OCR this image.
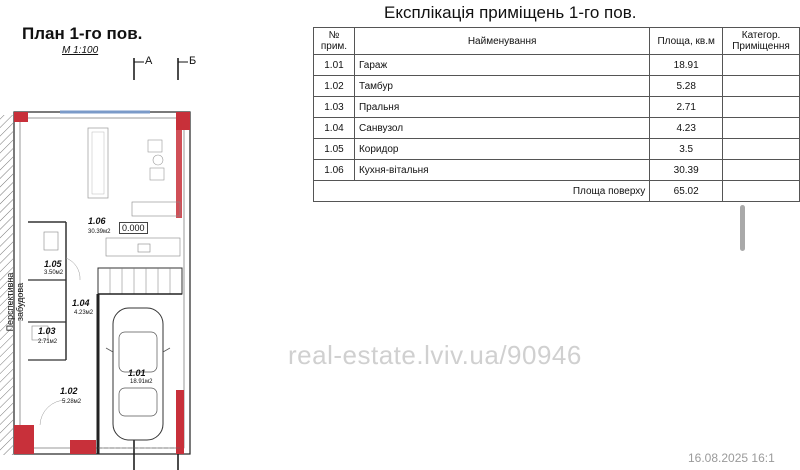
План 1-го пов.
М 1:100
А	Б
1.06
30.39м2	0.000
1.05
3.50м2
1.04
4.23м2
1.03
2.71м2
1.02
5.28м2
1.01
18.91м2
Перспективна забудова
Експлікація приміщень 1-го пов.
№ прим.	Найменування	Площа, кв.м	Категор. Приміщення
1.01	Гараж	18.91	
1.02	Тамбур	5.28	
1.03	Пральня	2.71	
1.04	Санвузол	4.23	
1.05	Коридор	3.5	
1.06	Кухня-вітальня	30.39	
Площа поверху		65.02	
real-estate.lviv.ua/90946
16.08.2025 16:1
